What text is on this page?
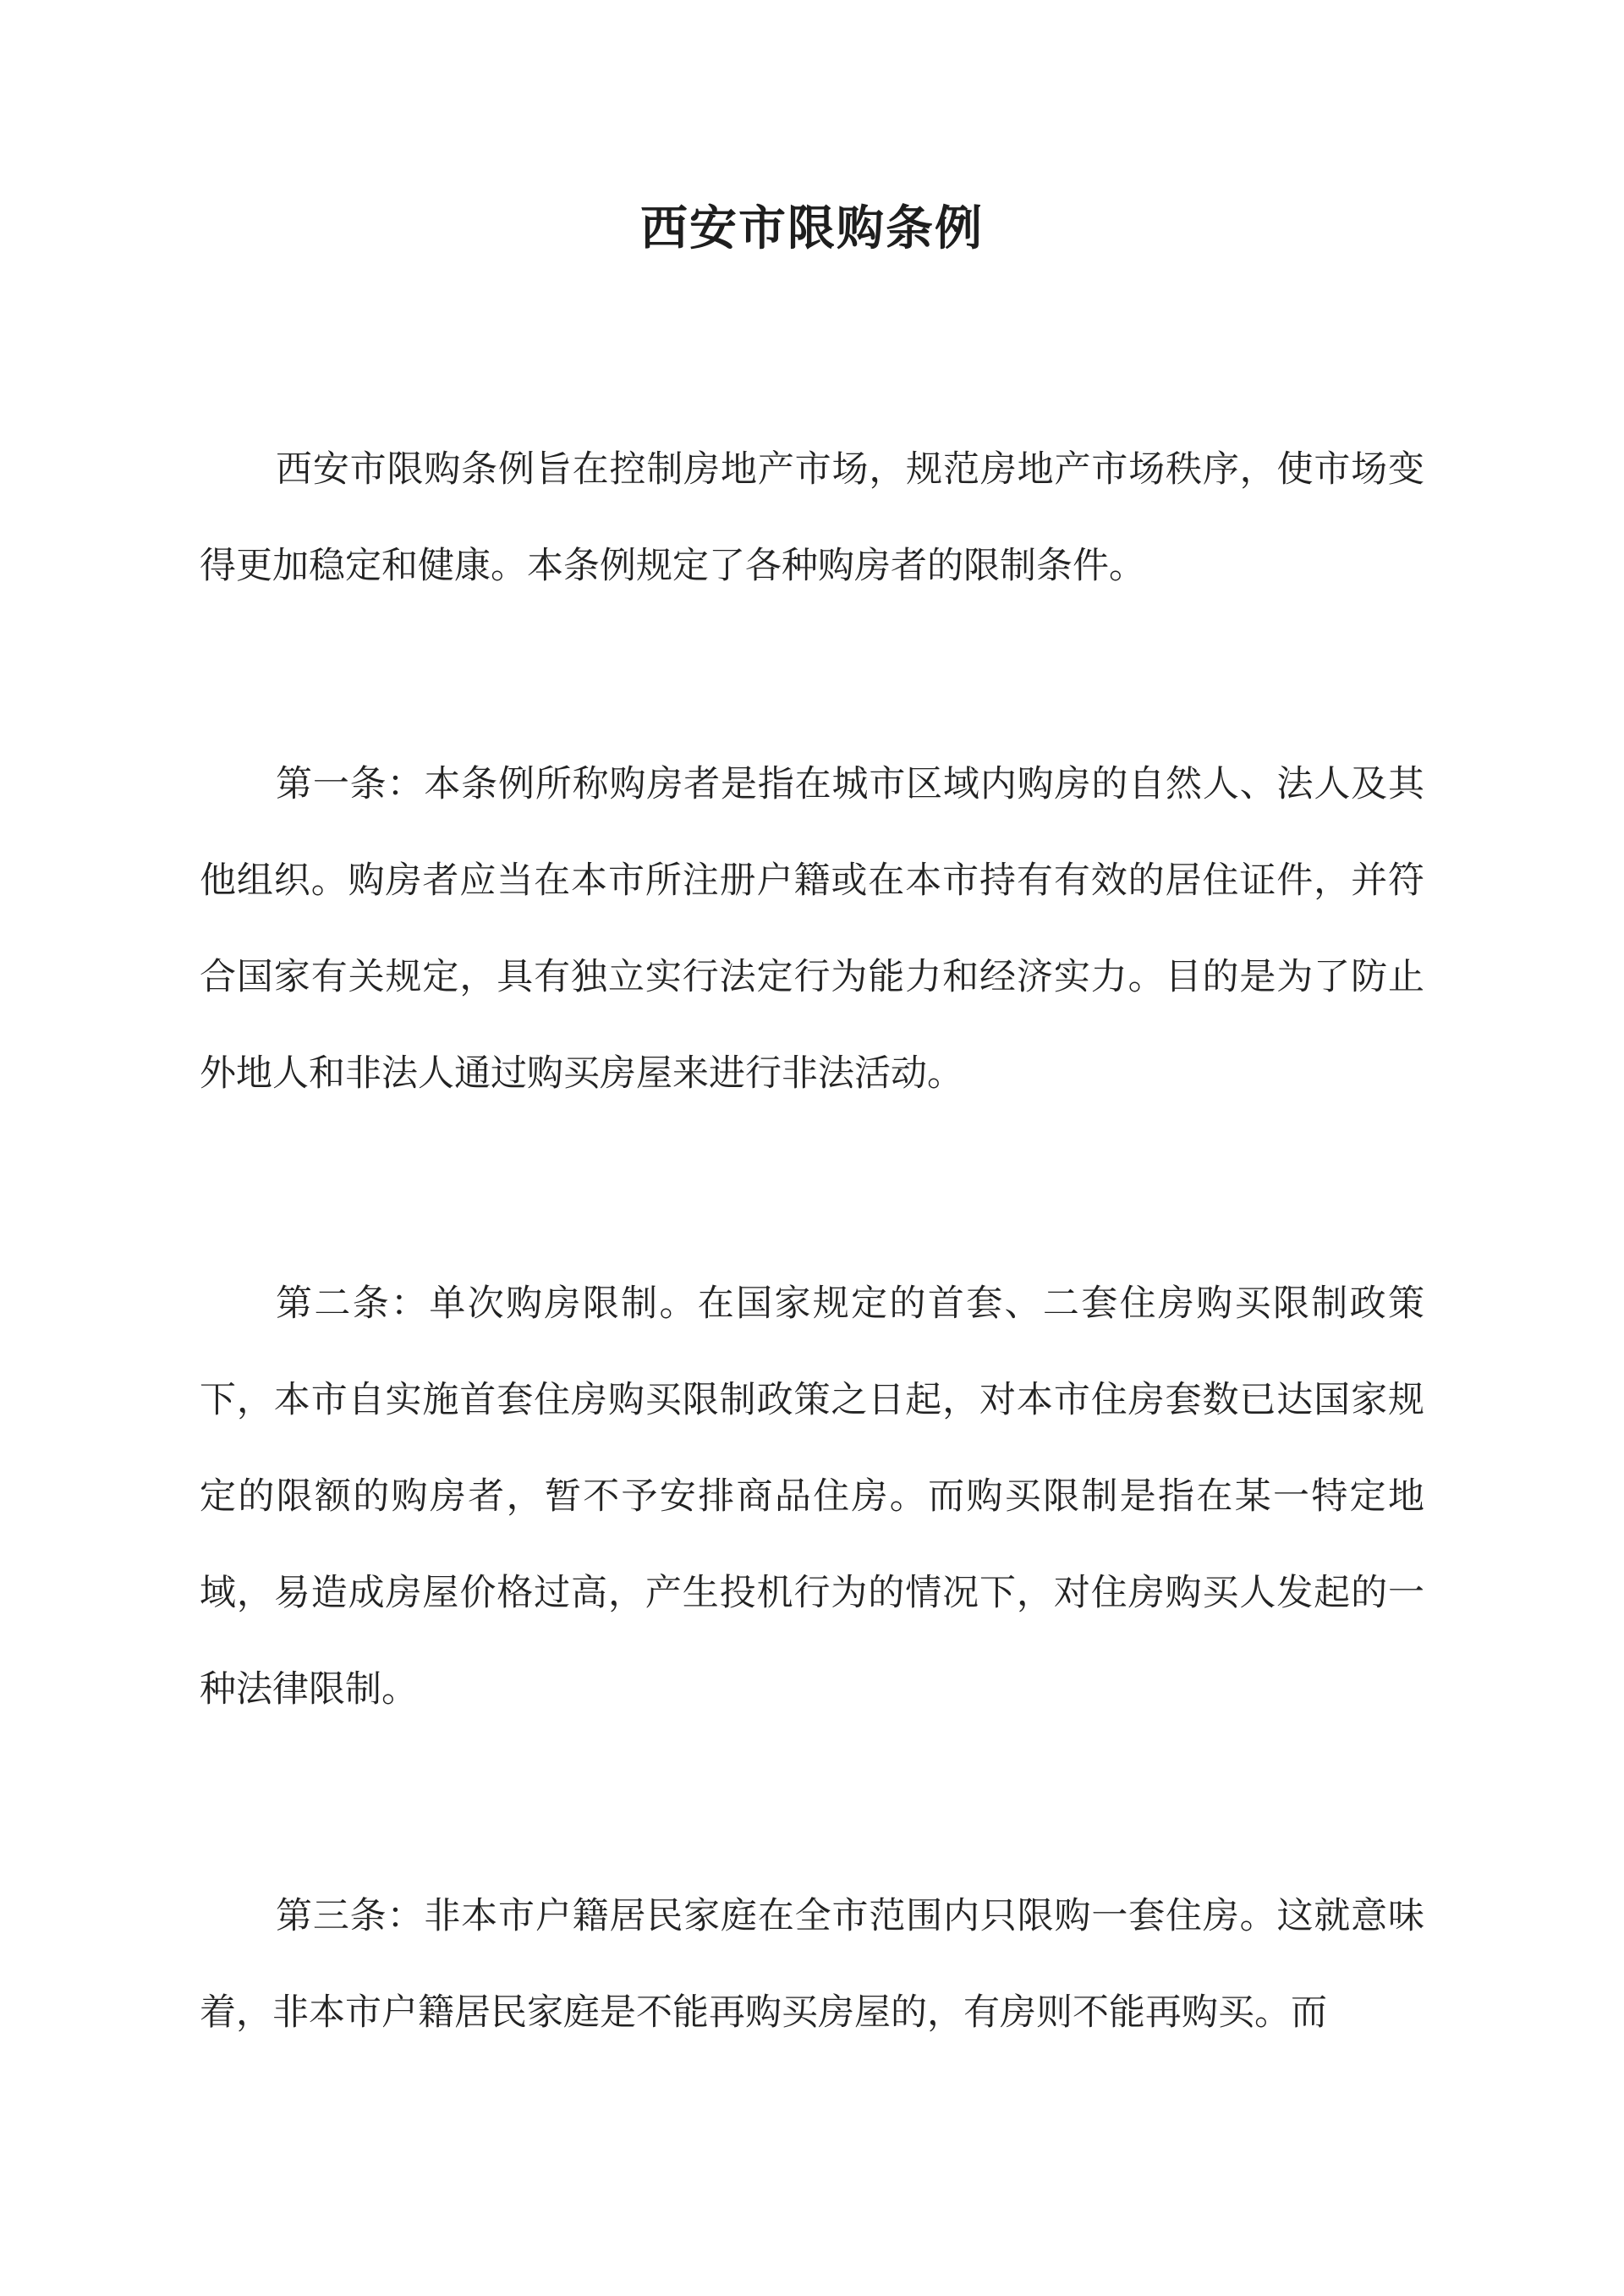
西安市限购条例

西安市限购条例旨在控制房地产市场，规范房地产市场秩序，使市场变得更加稳定和健康。本条例规定了各种购房者的限制条件。

第一条：本条例所称购房者是指在城市区域内购房的自然人、法人及其他组织。购房者应当在本市所注册户籍或在本市持有有效的居住证件，并符合国家有关规定，具有独立实行法定行为能力和经济实力。目的是为了防止外地人和非法人通过购买房屋来进行非法活动。

第二条：单次购房限制。在国家规定的首套、二套住房购买限制政策下，本市自实施首套住房购买限制政策之日起，对本市住房套数已达国家规定的限额的购房者，暂不予安排商品住房。而购买限制是指在某一特定地域，易造成房屋价格过高，产生投机行为的情况下，对住房购买人发起的一种法律限制。

第三条：非本市户籍居民家庭在全市范围内只限购一套住房。这就意味着，非本市户籍居民家庭是不能再购买房屋的，有房则不能再购买。而
